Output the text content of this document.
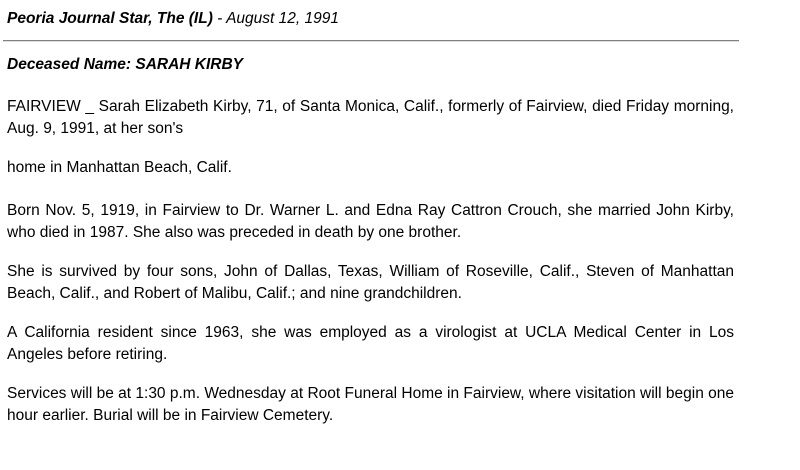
Peoria Journal Star, The (IL) - August 12, 1991
Deceased Name: SARAH KIRBY

FAIRVIEW _ Sarah Elizabeth Kirby, 71, of Santa Monica, Calif., formerly of Fairview, died Friday morning, Aug. 9, 1991, at her son's

home in Manhattan Beach, Calif.

Born Nov. 5, 1919, in Fairview to Dr. Warner L. and Edna Ray Cattron Crouch, she married John Kirby, who died in 1987. She also was preceded in death by one brother.

She is survived by four sons, John of Dallas, Texas, William of Roseville, Calif., Steven of Manhattan Beach, Calif., and Robert of Malibu, Calif.; and nine grandchildren.

A California resident since 1963, she was employed as a virologist at UCLA Medical Center in Los Angeles before retiring.

Services will be at 1:30 p.m. Wednesday at Root Funeral Home in Fairview, where visitation will begin one hour earlier. Burial will be in Fairview Cemetery.
